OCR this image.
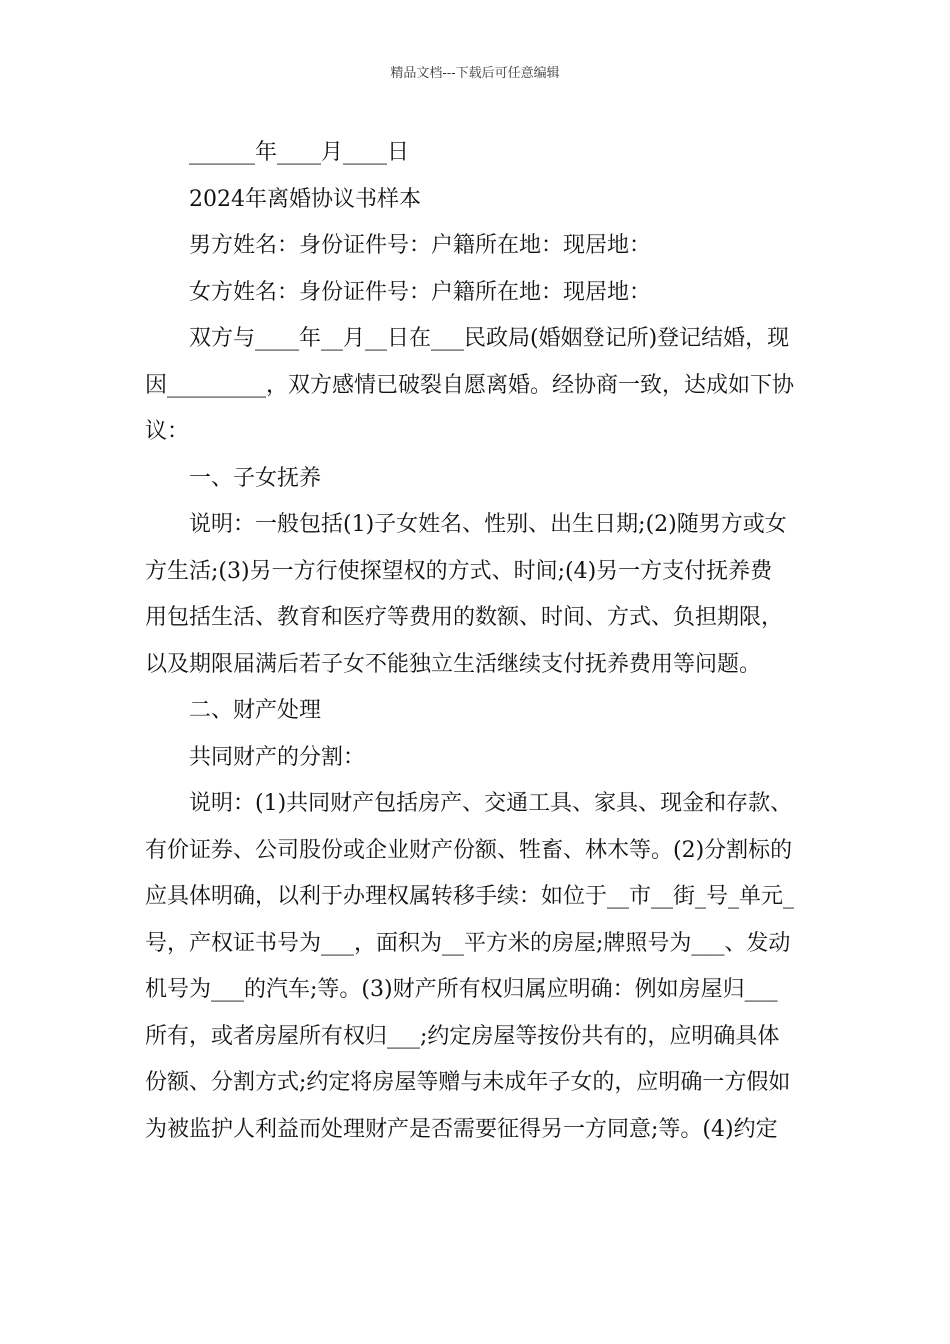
精品文档---下载后可任意编辑
______年____月____日
2024年离婚协议书样本
男方姓名：身份证件号：户籍所在地：现居地：
女方姓名：身份证件号：户籍所在地：现居地：
双方与____年__月__日在___民政局(婚姻登记所)登记结婚，现
因_________，双方感情已破裂自愿离婚。经协商一致，达成如下协
议：
一、子女抚养
说明：一般包括(1)子女姓名、性别、出生日期;(2)随男方或女
方生活;(3)另一方行使探望权的方式、时间;(4)另一方支付抚养费
用包括生活、教育和医疗等费用的数额、时间、方式、负担期限，
以及期限届满后若子女不能独立生活继续支付抚养费用等问题。
二、财产处理
共同财产的分割：
说明：(1)共同财产包括房产、交通工具、家具、现金和存款、
有价证券、公司股份或企业财产份额、牲畜、林木等。(2)分割标的
应具体明确，以利于办理权属转移手续：如位于__市__街_号_单元_
号，产权证书号为___，面积为__平方米的房屋;牌照号为___、发动
机号为___的汽车;等。(3)财产所有权归属应明确：例如房屋归___
所有，或者房屋所有权归___;约定房屋等按份共有的，应明确具体
份额、分割方式;约定将房屋等赠与未成年子女的，应明确一方假如
为被监护人利益而处理财产是否需要征得另一方同意;等。(4)约定
